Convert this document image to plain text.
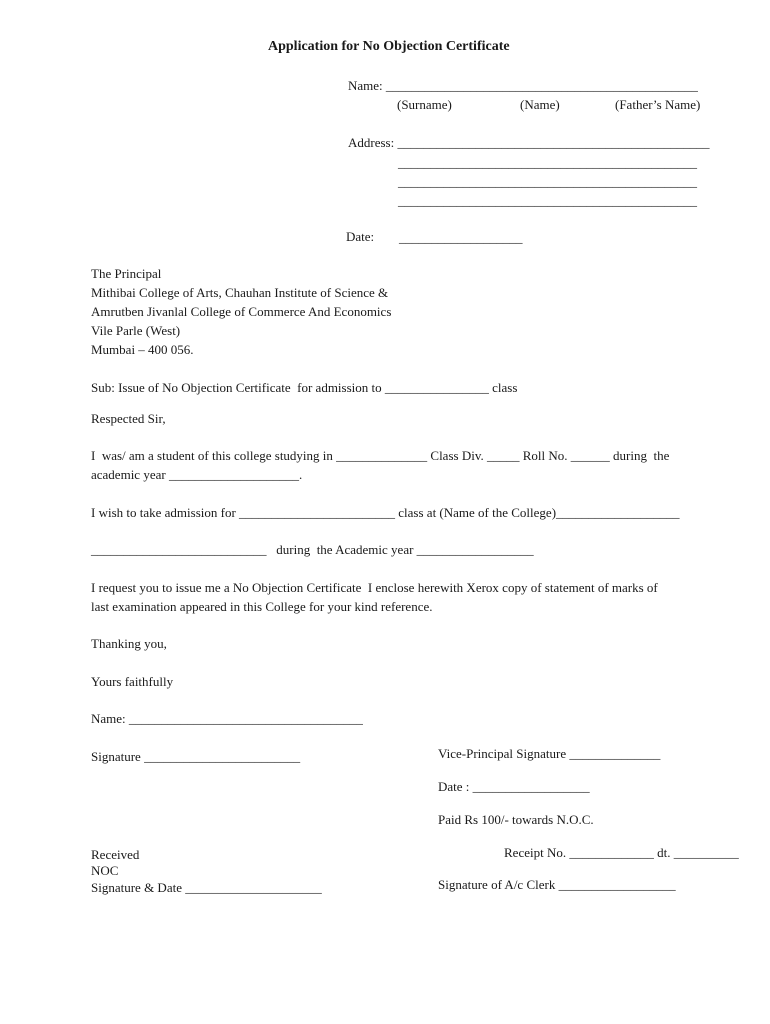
Application for No Objection Certificate
Name: ________________________________________________
(Surname)	(Name)	(Father’s Name)
Address: ________________________________________________
______________________________________________
______________________________________________
______________________________________________
Date: ___________________
The Principal
Mithibai College of Arts, Chauhan Institute of Science &
Amrutben Jivanlal College of Commerce And Economics
Vile Parle (West)
Mumbai – 400 056.
Sub: Issue of No Objection Certificate  for admission to ________________ class
Respected Sir,
I  was/ am a student of this college studying in ______________ Class Div. _____ Roll No. ______ during  the
academic year ____________________.
I wish to take admission for ________________________ class at (Name of the College)___________________
___________________________   during  the Academic year __________________
I request you to issue me a No Objection Certificate  I enclose herewith Xerox copy of statement of marks of
last examination appeared in this College for your kind reference.
Thanking you,
Yours faithfully
Name: ____________________________________
Signature ________________________	Vice-Principal Signature ______________
Date : __________________
Paid Rs 100/- towards N.O.C.
Receipt No. _____________ dt. __________
Signature of A/c Clerk __________________
Received
NOC
Signature & Date _____________________
